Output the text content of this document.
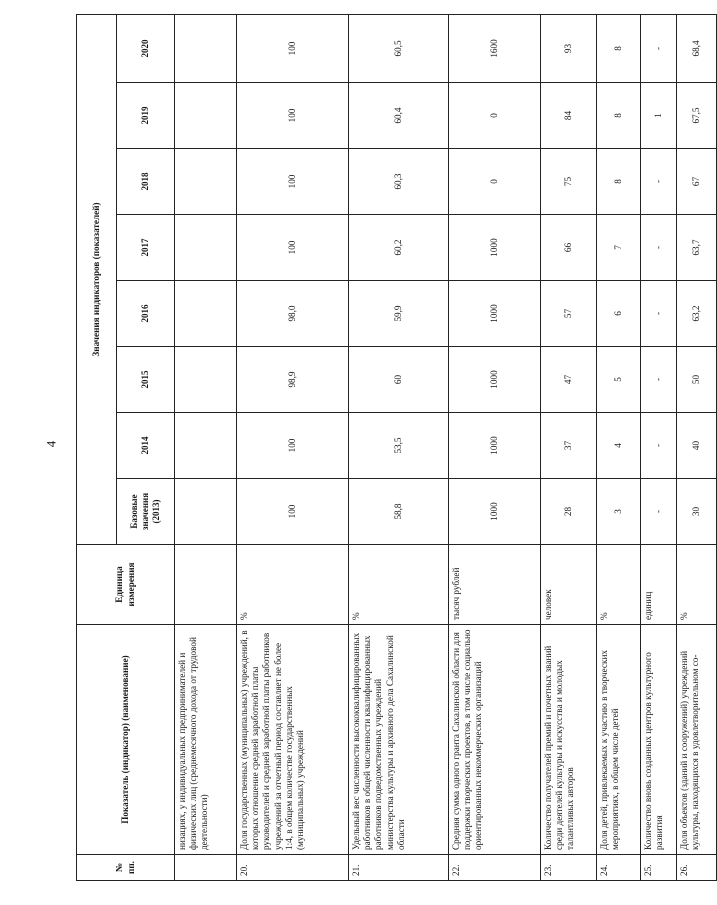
4
№ пп.	Показатель (индикатор) (наименование)	Единица измерения	Значения индикаторов (показателей)							
			Базовые значения (2013)	2014	2015	2016	2017	2018	2019	2020
	низациях, у индивидуальных предпринимателей и физических лиц (среднемесячного дохода от трудовой деятельности)									
20.	Доля государственных (муниципальных) учреждений, в которых отношение средней заработной платы руководителей и средней заработной платы работников учреждений за отчетный период составляет не более 1:4, в общем количестве государственных (муниципальных) учреждений	%	100	100	98,9	98,0	100	100	100	100
21.	Удельный вес численности высококвалифицированных работников в общей численности квалифицированных работников подведомственных учреждений министерства культуры и архивного дела Сахалинской области	%	58,8	53,5	60	59,9	60,2	60,3	60,4	60,5
22.	Средняя сумма одного гранта Сахалинской области для поддержки творческих проектов, в том числе социально ориентированных некоммерческих организаций	тысяч рублей	1000	1000	1000	1000	1000	0	0	1600
23.	Количество получателей премий и почетных званий среди деятелей культуры и искусства и молодых талантливых авторов	человек	28	37	47	57	66	75	84	93
24.	Доля детей, привлекаемых к участию в творческих мероприятиях, в общем числе детей	%	3	4	5	6	7	8	8	8
25.	Количество вновь созданных центров культурного развития	единиц	-	-	-	-	-	-	1	-
26.	Доля объектов (зданий и сооружений) учреждений культуры, находящихся в удовлетворительном со-	%	30	40	50	63,2	63,7	67	67,5	68,4
